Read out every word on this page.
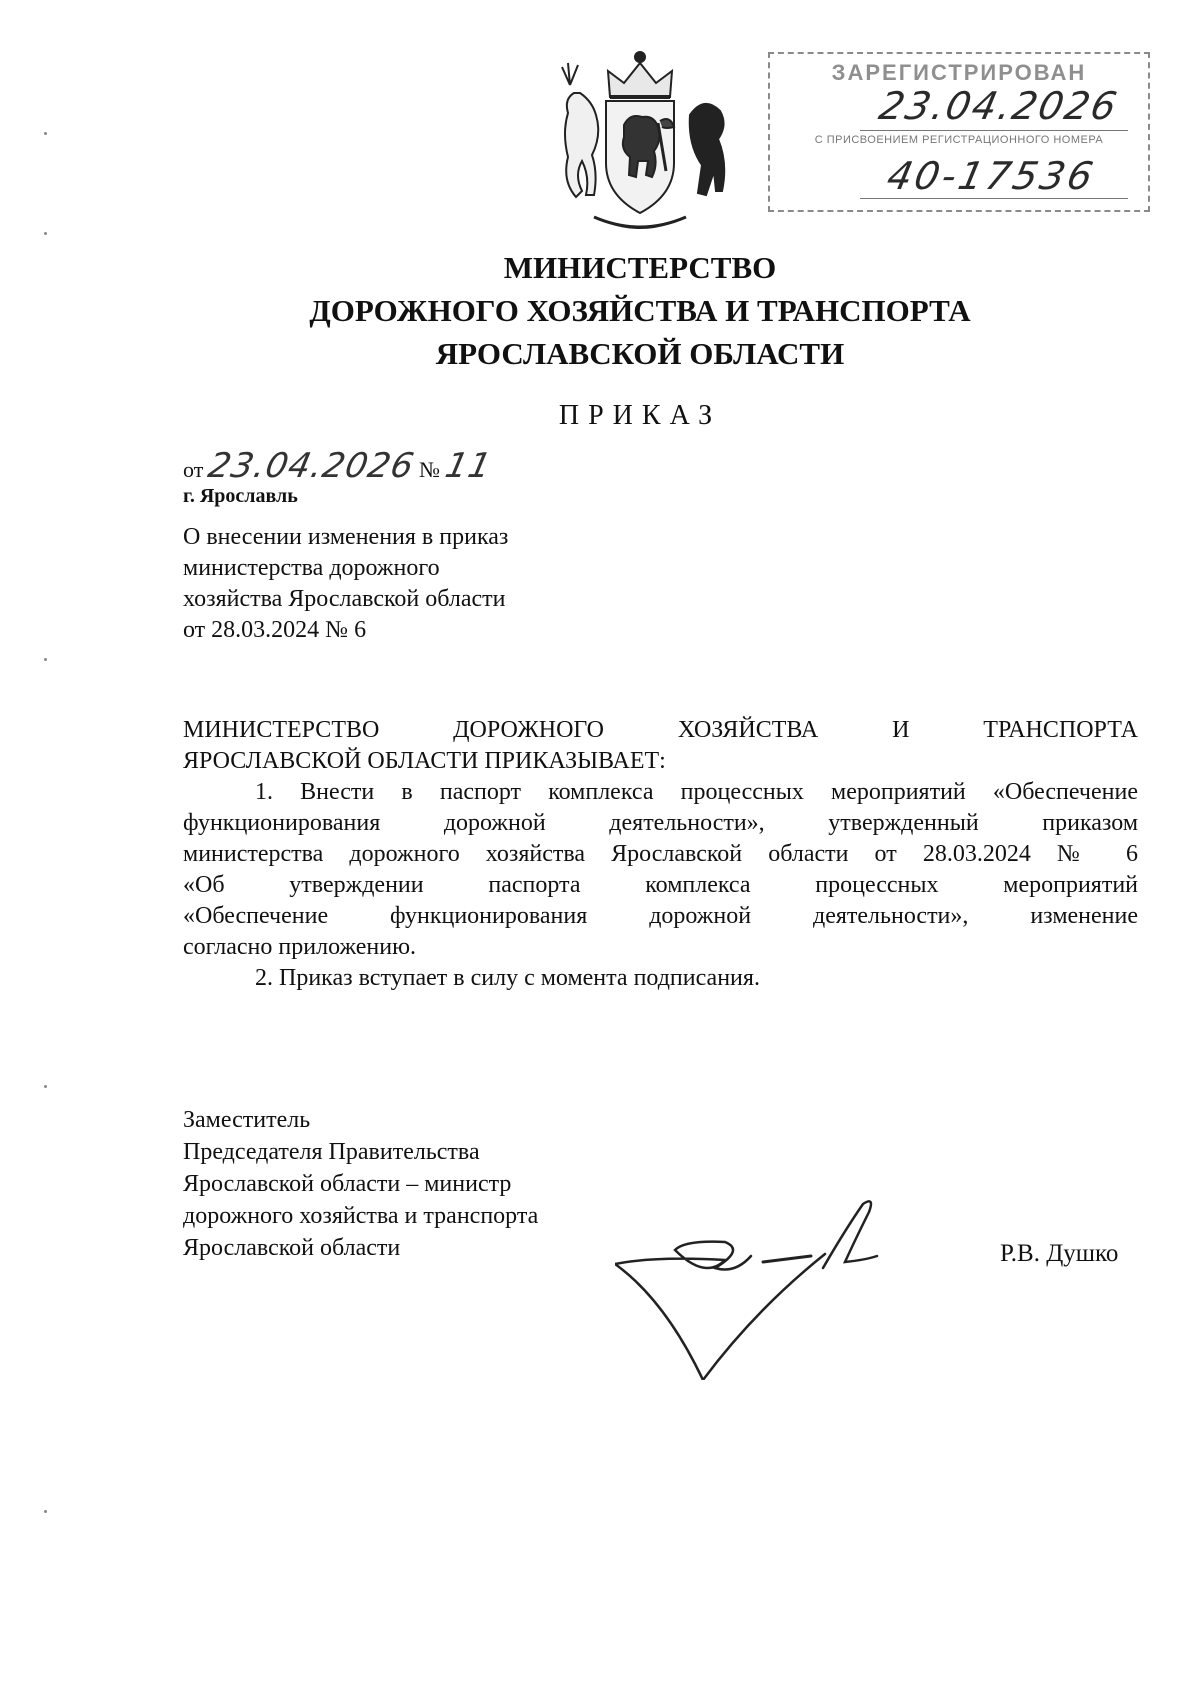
ЗАРЕГИСТРИРОВАН
23.04.2026
С ПРИСВОЕНИЕМ РЕГИСТРАЦИОННОГО НОМЕРА
40-17536
МИНИСТЕРСТВО
ДОРОЖНОГО ХОЗЯЙСТВА И ТРАНСПОРТА
ЯРОСЛАВСКОЙ ОБЛАСТИ
ПРИКАЗ
от 23.04.2026 № 11
г. Ярославль
О внесении изменения в приказ
министерства дорожного
хозяйства Ярославской области
от 28.03.2024 № 6
МИНИСТЕРСТВО ДОРОЖНОГО ХОЗЯЙСТВА И ТРАНСПОРТА
ЯРОСЛАВСКОЙ ОБЛАСТИ ПРИКАЗЫВАЕТ:
1. Внести в паспорт комплекса процессных мероприятий «Обеспечение
функционирования дорожной деятельности», утвержденный приказом
министерства дорожного хозяйства Ярославской области от 28.03.2024 № 6
«Об утверждении паспорта комплекса процессных мероприятий
«Обеспечение функционирования дорожной деятельности», изменение
согласно приложению.
2. Приказ вступает в силу с момента подписания.
Заместитель
Председателя Правительства
Ярославской области – министр
дорожного хозяйства и транспорта
Ярославской области	Р.В. Душко
